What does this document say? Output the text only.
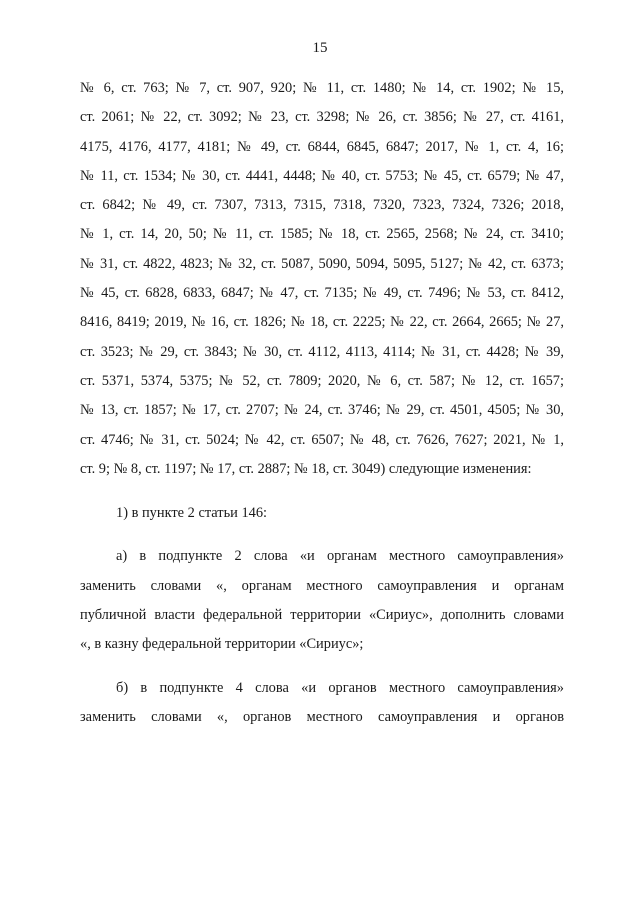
15
№ 6, ст. 763; № 7, ст. 907, 920; № 11, ст. 1480; № 14, ст. 1902; № 15,
ст. 2061; № 22, ст. 3092; № 23, ст. 3298; № 26, ст. 3856; № 27, ст. 4161,
4175, 4176, 4177, 4181; № 49, ст. 6844, 6845, 6847; 2017, № 1, ст. 4, 16;
№ 11, ст. 1534; № 30, ст. 4441, 4448; № 40, ст. 5753; № 45, ст. 6579; № 47,
ст. 6842; № 49, ст. 7307, 7313, 7315, 7318, 7320, 7323, 7324, 7326; 2018,
№ 1, ст. 14, 20, 50; № 11, ст. 1585; № 18, ст. 2565, 2568; № 24, ст. 3410;
№ 31, ст. 4822, 4823; № 32, ст. 5087, 5090, 5094, 5095, 5127; № 42, ст. 6373;
№ 45, ст. 6828, 6833, 6847; № 47, ст. 7135; № 49, ст. 7496; № 53, ст. 8412,
8416, 8419; 2019, № 16, ст. 1826; № 18, ст. 2225; № 22, ст. 2664, 2665; № 27,
ст. 3523; № 29, ст. 3843; № 30, ст. 4112, 4113, 4114; № 31, ст. 4428; № 39,
ст. 5371, 5374, 5375; № 52, ст. 7809; 2020, № 6, ст. 587; № 12, ст. 1657;
№ 13, ст. 1857; № 17, ст. 2707; № 24, ст. 3746; № 29, ст. 4501, 4505; № 30,
ст. 4746; № 31, ст. 5024; № 42, ст. 6507; № 48, ст. 7626, 7627; 2021, № 1,
ст. 9; № 8, ст. 1197; № 17, ст. 2887; № 18, ст. 3049) следующие изменения:
1) в пункте 2 статьи 146:
а) в подпункте 2 слова «и органам местного самоуправления»
заменить словами «, органам местного самоуправления и органам
публичной власти федеральной территории «Сириус», дополнить словами
«, в казну федеральной территории «Сириус»;
б) в подпункте 4 слова «и органов местного самоуправления»
заменить словами «, органов местного самоуправления и органов
